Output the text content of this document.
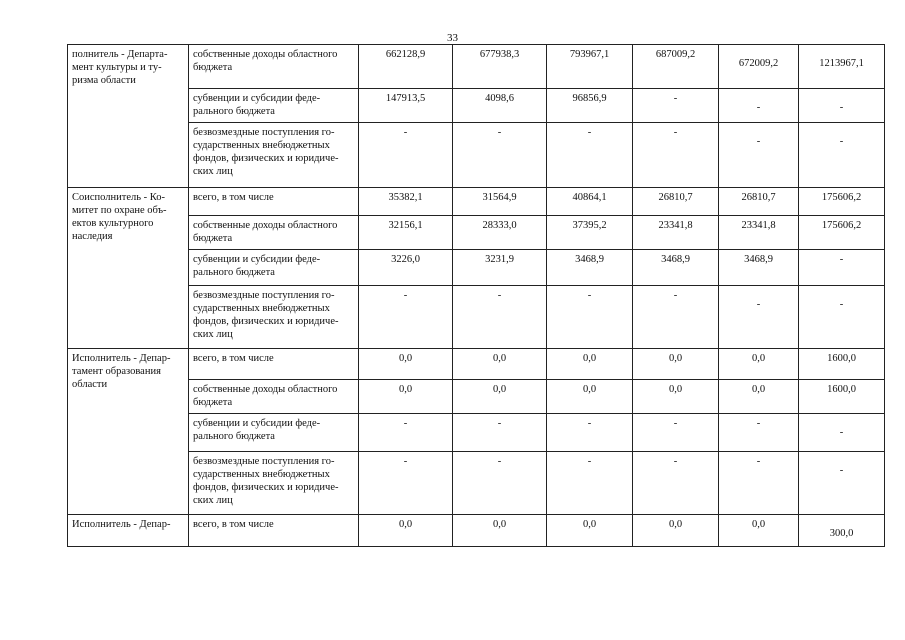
33
полнитель - Департа-мент культуры и ту-ризма области	собственные доходы областного бюджета	662128,9	677938,3	793967,1	687009,2	672009,2	1213967,1
	субвенции и субсидии феде-рального бюджета	147913,5	4098,6	96856,9	-	-	-
	безвозмездные поступления го-сударственных внебюджетных фондов, физических и юридиче-ских лиц	-	-	-	-	-	-
Соисполнитель - Ко-митет по охране объ-ектов культурного наследия	всего, в том числе	35382,1	31564,9	40864,1	26810,7	26810,7	175606,2
	собственные доходы областного бюджета	32156,1	28333,0	37395,2	23341,8	23341,8	175606,2
	субвенции и субсидии феде-рального бюджета	3226,0	3231,9	3468,9	3468,9	3468,9	-
	безвозмездные поступления го-сударственных внебюджетных фондов, физических и юридиче-ских лиц	-	-	-	-	-	-
Исполнитель - Депар-тамент образования области	всего, в том числе	0,0	0,0	0,0	0,0	0,0	1600,0
	собственные доходы областного бюджета	0,0	0,0	0,0	0,0	0,0	1600,0
	субвенции и субсидии феде-рального бюджета	-	-	-	-	-	-
	безвозмездные поступления го-сударственных внебюджетных фондов, физических и юридиче-ских лиц	-	-	-	-	-	-
Исполнитель - Депар-	всего, в том числе	0,0	0,0	0,0	0,0	0,0	300,0
